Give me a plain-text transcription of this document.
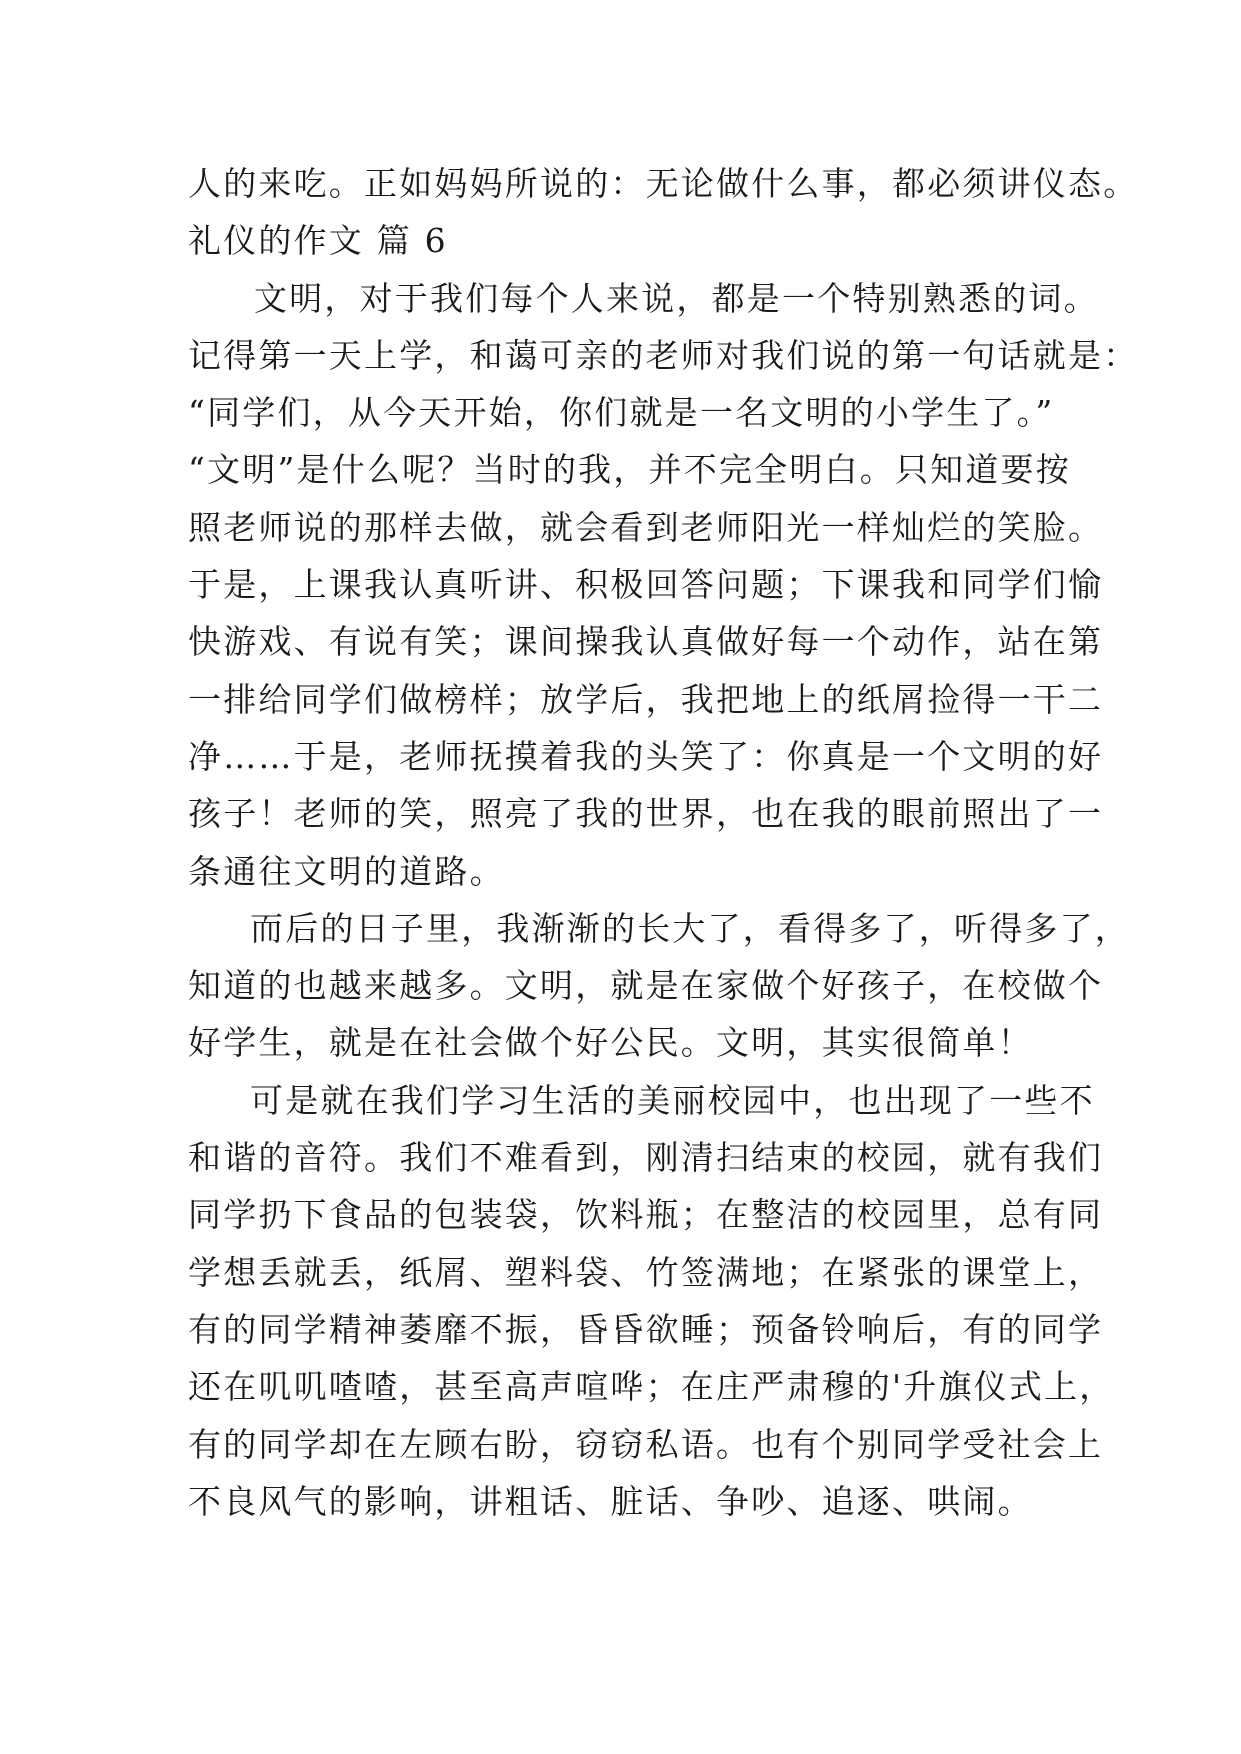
人的来吃。正如妈妈所说的：无论做什么事，都必须讲仪态。
礼仪的作文 篇 6
文明，对于我们每个人来说，都是一个特别熟悉的词。
记得第一天上学，和蔼可亲的老师对我们说的第一句话就是：
“同学们，从今天开始，你们就是一名文明的小学生了。”
“文明”是什么呢？当时的我，并不完全明白。只知道要按
照老师说的那样去做，就会看到老师阳光一样灿烂的笑脸。
于是，上课我认真听讲、积极回答问题；下课我和同学们愉
快游戏、有说有笑；课间操我认真做好每一个动作，站在第
一排给同学们做榜样；放学后，我把地上的纸屑捡得一干二
净……于是，老师抚摸着我的头笑了：你真是一个文明的好
孩子！老师的笑，照亮了我的世界，也在我的眼前照出了一
条通往文明的道路。
而后的日子里，我渐渐的长大了，看得多了，听得多了，
知道的也越来越多。文明，就是在家做个好孩子，在校做个
好学生，就是在社会做个好公民。文明，其实很简单！
可是就在我们学习生活的美丽校园中，也出现了一些不
和谐的音符。我们不难看到，刚清扫结束的校园，就有我们
同学扔下食品的包装袋，饮料瓶；在整洁的校园里，总有同
学想丢就丢，纸屑、塑料袋、竹签满地；在紧张的课堂上，
有的同学精神萎靡不振，昏昏欲睡；预备铃响后，有的同学
还在叽叽喳喳，甚至高声喧哗；在庄严肃穆的'升旗仪式上，
有的同学却在左顾右盼，窃窃私语。也有个别同学受社会上
不良风气的影响，讲粗话、脏话、争吵、追逐、哄闹。
